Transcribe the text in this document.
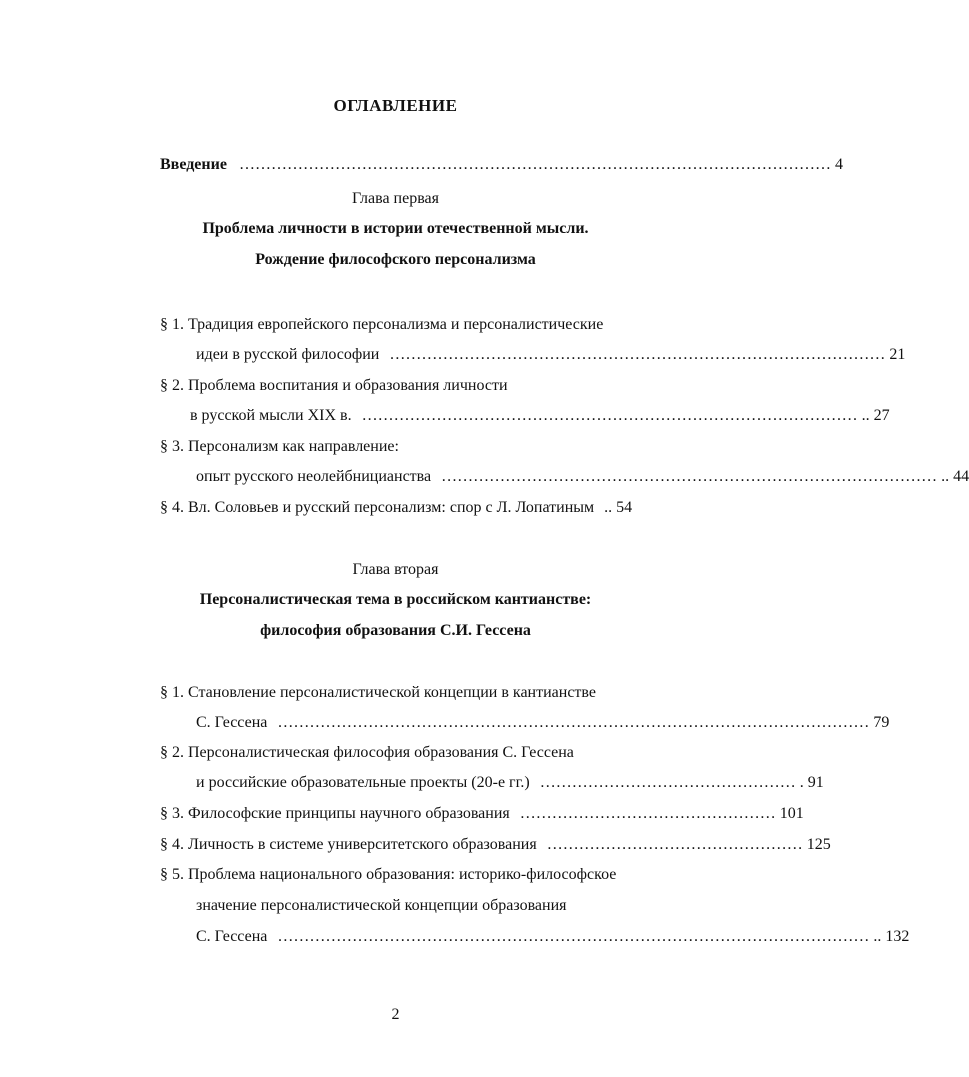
ОГЛАВЛЕНИЕ
Введение ………………………………………………………………………………………………… 4
Глава первая
Проблема личности в истории отечественной мысли.
Рождение философского персонализма
§ 1. Традиция европейского персонализма и персоналистические
идеи в русской философии ………………………………………………………………………………… 21
§ 2. Проблема воспитания и образования личности
в русской мысли XIX в. ………………………………………………………………………………… .. 27
§ 3. Персонализм как направление:
опыт русского неолейбницианства ………………………………………………………………………………… .. 44
§ 4. Вл. Соловьев и русский персонализм: спор с Л. Лопатиным .. 54
Глава вторая
Персоналистическая тема в российском кантианстве:
философия образования С.И. Гессена
§ 1. Становление персоналистической концепции в кантианстве
С. Гессена ………………………………………………………………………………………………… 79
§ 2. Персоналистическая философия образования С. Гессена
и российские образовательные проекты (20-е гг.) ………………………………………… . 91
§ 3. Философские принципы научного образования ………………………………………… 101
§ 4. Личность в системе университетского образования ………………………………………… 125
§ 5. Проблема национального образования: историко-философское
значение персоналистической концепции образования
С. Гессена ………………………………………………………………………………………………… .. 132
2
